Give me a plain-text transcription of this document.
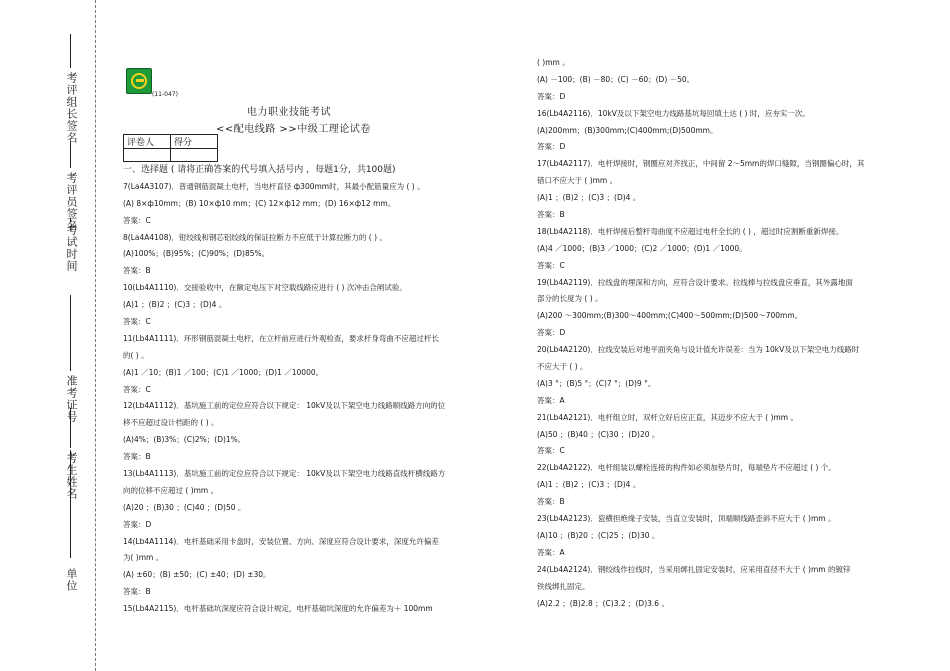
单位
考生姓名
准考证号
考试时间
考评员签名
考评组长签名	(11-047)
电力职业技能考试
<<配电线路 >>中级工理论试卷
评卷人	得分

一、选择题 ( 请将正确答案的代号填入括号内 ，每题1分，共100题)
7(La4A3107)．普通钢筋混凝土电杆，当电杆直径 ф300mm时，其最小配筋量应为 ( ) 。
(A) 8×ф10mm；(B) 10×ф10 mm；(C) 12×ф12 mm；(D) 16×ф12 mm。
答案：C
8(La4A4108)．钳绞线和钢芯铝绞线的保证拉断力不应低于计算拉断力的 ( ) 。
(A)100%；(B)95%；(C)90%；(D)85%。
答案：B
10(Lb4A1110)．交接验收中，在额定电压下对空载线路应进行 ( ) 次冲击合闸试验。
(A)1 ；(B)2 ；(C)3 ；(D)4 。
答案：C
11(Lb4A1111)．环形钢筋混凝土电杆，在立杆前应进行外观检查，要求杆身弯曲不应超过杆长
的( ) 。
(A)1 ／10；(B)1 ／100；(C)1 ／1000；(D)1 ／10000。
答案：C
12(Lb4A1112)．基坑施工前的定位应符合以下规定： 10kV及以下架空电力线路顺线路方向的位
移不应超过设计档距的 ( ) 。
(A)4%；(B)3%；(C)2%；(D)1%。
答案：B
13(Lb4A1113)．基坑施工前的定位应符合以下规定： 10kV及以下架空电力线路直线杆横线路方
向的位移不应超过 ( )mm 。
(A)20 ；(B)30 ；(C)40 ；(D)50 。
答案：D
14(Lb4A1114)．电杆基础采用卡盘时，安装位置、方向、深度应符合设计要求，深度允许偏差
为( )mm 。
(A) ±60；(B) ±50；(C) ±40；(D) ±30。
答案：B
15(Lb4A2115)．电杆基础坑深度应符合设计规定，电杆基础坑深度的允许偏差为＋ 100mm
( )mm 。
(A) －100；(B) －80；(C) －60；(D) －50。
答案：D
16(Lb4A2116)．10kV及以下架空电力线路基坑每回填土达 ( ) 时，应夯实一次。
(A)200mm；(B)300mm;(C)400mm;(D)500mm。
答案：D
17(Lb4A2117)．电杆焊接时，钢圈应对齐找正，中间留 2～5mm的焊口缝隙，当钢圈偏心时，其
错口不应大于 ( )mm 。
(A)1 ；(B)2 ；(C)3 ；(D)4 。
答案：B
18(Lb4A2118)．电杆焊接后整杆弯曲度不应超过电杆全长的 ( ) ，超过时应割断重新焊接。
(A)4 ／1000；(B)3 ／1000；(C)2 ／1000；(D)1 ／1000。
答案：C
19(Lb4A2119)．拉线盘的埋深和方向，应符合设计要求。拉线棒与拉线盘应垂直，其外露地面
部分的长度为 ( ) 。
(A)200 ～300mm;(B)300～400mm;(C)400～500mm;(D)500～700mm。
答案：D
20(Lb4A2120)．拉线安装后对地平面夹角与设计值允许误差：当为 10kV及以下架空电力线路时
不应大于 ( ) 。
(A)3 °；(B)5 °；(C)7 °；(D)9 °。
答案：A
21(Lb4A2121)．电杆组立时，双杆立好后应正直，其迈步不应大于 ( )mm 。
(A)50 ；(B)40 ；(C)30 ；(D)20 。
答案：C
22(Lb4A2122)．电杆组装以螺栓连接的构件如必须加垫片时，每端垫片不应超过 ( ) 个。
(A)1 ；(B)2 ；(C)3 ；(D)4 。
答案：B
23(Lb4A2123)．瓷横担绝缘子安装，当直立安装时，顶端顺线路歪斜不应大于 ( )mm 。
(A)10 ；(B)20 ；(C)25 ；(D)30 。
答案：A
24(Lb4A2124)．钢绞线作拉线时，当采用绑扎固定安装时，应采用直径不大于 ( )mm 的镀锌
铁线绑扎固定。
(A)2.2 ；(B)2.8 ；(C)3.2 ；(D)3.6 。
